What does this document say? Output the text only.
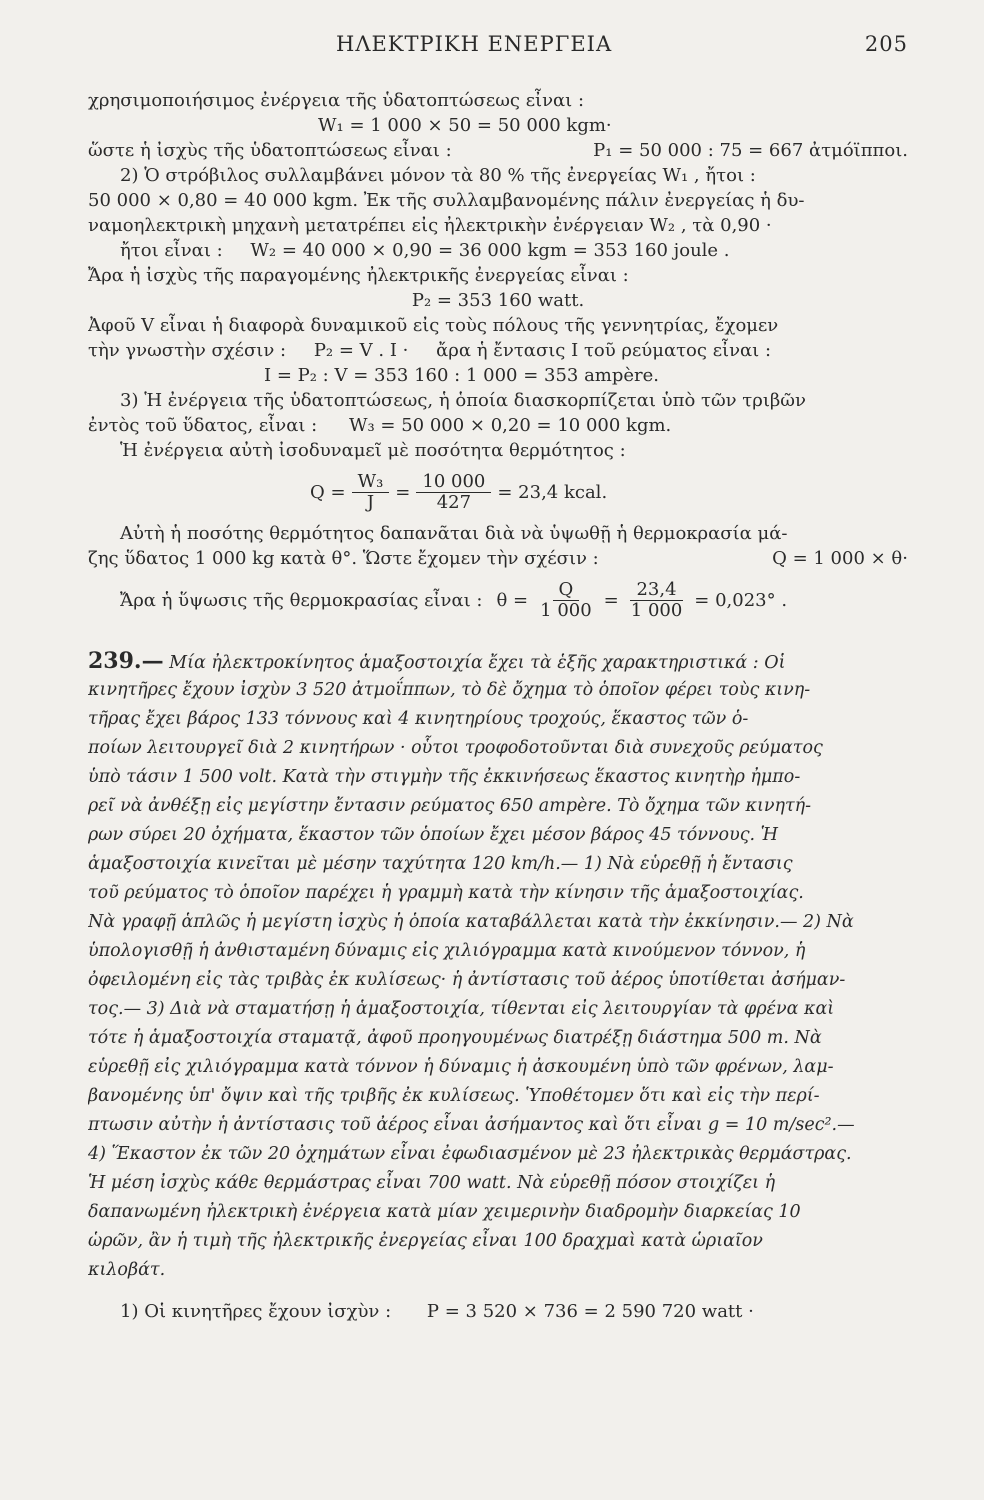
ΗΛΕΚΤΡΙΚΗ ΕΝΕΡΓΕΙΑ	205
χρησιμοποιήσιμος ἐνέργεια τῆς ὑδατοπτώσεως εἶναι :
W₁ = 1 000 × 50 = 50 000 kgm·
ὥστε ἡ ἰσχὺς τῆς ὑδατοπτώσεως εἶναι :	P₁ = 50 000 : 75 = 667 ἀτμόϊπποι.
2) Ὁ στρόβιλος συλλαμβάνει μόνον τὰ 80 % τῆς ἐνεργείας W₁ , ἤτοι :
50 000 × 0,80 = 40 000 kgm. Ἐκ τῆς συλλαμβανομένης πάλιν ἐνεργείας ἡ δυ-
ναμοηλεκτρικὴ μηχανὴ μετατρέπει εἰς ἠλεκτρικὴν ἐνέργειαν W₂ , τὰ 0,90 ·
ἤτοι εἶναι : W₂ = 40 000 × 0,90 = 36 000 kgm = 353 160 joule .
Ἄρα ἡ ἰσχὺς τῆς παραγομένης ἠλεκτρικῆς ἐνεργείας εἶναι :
P₂ = 353 160 watt.
Ἀφοῦ V εἶναι ἡ διαφορὰ δυναμικοῦ εἰς τοὺς πόλους τῆς γεννητρίας, ἔχομεν
τὴν γνωστὴν σχέσιν : P₂ = V . I · ἄρα ἡ ἔντασις I τοῦ ρεύματος εἶναι :
I = P₂ : V = 353 160 : 1 000 = 353 ampère.
3) Ἡ ἐνέργεια τῆς ὑδατοπτώσεως, ἡ ὁποία διασκορπίζεται ὑπὸ τῶν τριβῶν
ἐντὸς τοῦ ὕδατος, εἶναι : W₃ = 50 000 × 0,20 = 10 000 kgm.
Ἡ ἐνέργεια αὐτὴ ἰσοδυναμεῖ μὲ ποσότητα θερμότητος :
$Q = \frac{\text{W₃}}{J} = \frac{10 000}{427} = 23,4$ kcal.
Αὐτὴ ἡ ποσότης θερμότητος δαπανᾶται διὰ νὰ ὑψωθῇ ἡ θερμοκρασία μά-
ζης ὕδατος 1 000 kg κατὰ θ°. Ὥστε ἔχομεν τὴν σχέσιν :	Q = 1 000 × θ·
Ἄρα ἡ ὕψωσις τῆς θερμοκρασίας εἶναι : $\theta = \frac{Q}{1 000} = \frac{23,4}{1 000} = 0,023^\circ$ .
239.— Μία ἠλεκτροκίνητος ἁμαξοστοιχία ἔχει τὰ ἑξῆς χαρακτηριστικά : Οἱ
κινητῆρες ἔχουν ἰσχὺν 3 520 ἀτμοΐππων, τὸ δὲ ὄχημα τὸ ὁποῖον φέρει τοὺς κινη-
τῆρας ἔχει βάρος 133 τόννους καὶ 4 κινητηρίους τροχούς, ἕκαστος τῶν ὁ-
ποίων λειτουργεῖ διὰ 2 κινητήρων · οὗτοι τροφοδοτοῦνται διὰ συνεχοῦς ρεύματος
ὑπὸ τάσιν 1 500 volt. Κατὰ τὴν στιγμὴν τῆς ἐκκινήσεως ἕκαστος κινητὴρ ἠμπο-
ρεῖ νὰ ἀνθέξῃ εἰς μεγίστην ἔντασιν ρεύματος 650 ampère. Τὸ ὄχημα τῶν κινητή-
ρων σύρει 20 ὀχήματα, ἕκαστον τῶν ὁποίων ἔχει μέσον βάρος 45 τόννους. Ἡ
ἁμαξοστοιχία κινεῖται μὲ μέσην ταχύτητα 120 km/h.— 1) Νὰ εὑρεθῇ ἡ ἔντασις
τοῦ ρεύματος τὸ ὁποῖον παρέχει ἡ γραμμὴ κατὰ τὴν κίνησιν τῆς ἁμαξοστοιχίας.
Νὰ γραφῇ ἁπλῶς ἡ μεγίστη ἰσχὺς ἡ ὁποία καταβάλλεται κατὰ τὴν ἐκκίνησιν.— 2) Νὰ
ὑπολογισθῇ ἡ ἀνθισταμένη δύναμις εἰς χιλιόγραμμα κατὰ κινούμενον τόννον, ἡ
ὀφειλομένη εἰς τὰς τριβὰς ἐκ κυλίσεως· ἡ ἀντίστασις τοῦ ἀέρος ὑποτίθεται ἀσήμαν-
τος.— 3) Διὰ νὰ σταματήσῃ ἡ ἁμαξοστοιχία, τίθενται εἰς λειτουργίαν τὰ φρένα καὶ
τότε ἡ ἁμαξοστοιχία σταματᾷ, ἀφοῦ προηγουμένως διατρέξῃ διάστημα 500 m. Νὰ
εὑρεθῇ εἰς χιλιόγραμμα κατὰ τόννον ἡ δύναμις ἡ ἀσκουμένη ὑπὸ τῶν φρένων, λαμ-
βανομένης ὑπ' ὄψιν καὶ τῆς τριβῆς ἐκ κυλίσεως. Ὑποθέτομεν ὅτι καὶ εἰς τὴν περί-
πτωσιν αὐτὴν ἡ ἀντίστασις τοῦ ἀέρος εἶναι ἀσήμαντος καὶ ὅτι εἶναι g = 10 m/sec².—
4) Ἕκαστον ἐκ τῶν 20 ὀχημάτων εἶναι ἐφωδιασμένον μὲ 23 ἠλεκτρικὰς θερμάστρας.
Ἡ μέση ἰσχὺς κάθε θερμάστρας εἶναι 700 watt. Νὰ εὑρεθῇ πόσον στοιχίζει ἡ
δαπανωμένη ἠλεκτρικὴ ἐνέργεια κατὰ μίαν χειμερινὴν διαδρομὴν διαρκείας 10
ὡρῶν, ἂν ἡ τιμὴ τῆς ἠλεκτρικῆς ἐνεργείας εἶναι 100 δραχμαὶ κατὰ ὡριαῖον
κιλοβάτ.
1) Οἱ κινητῆρες ἔχουν ἰσχὺν : P = 3 520 × 736 = 2 590 720 watt ·
